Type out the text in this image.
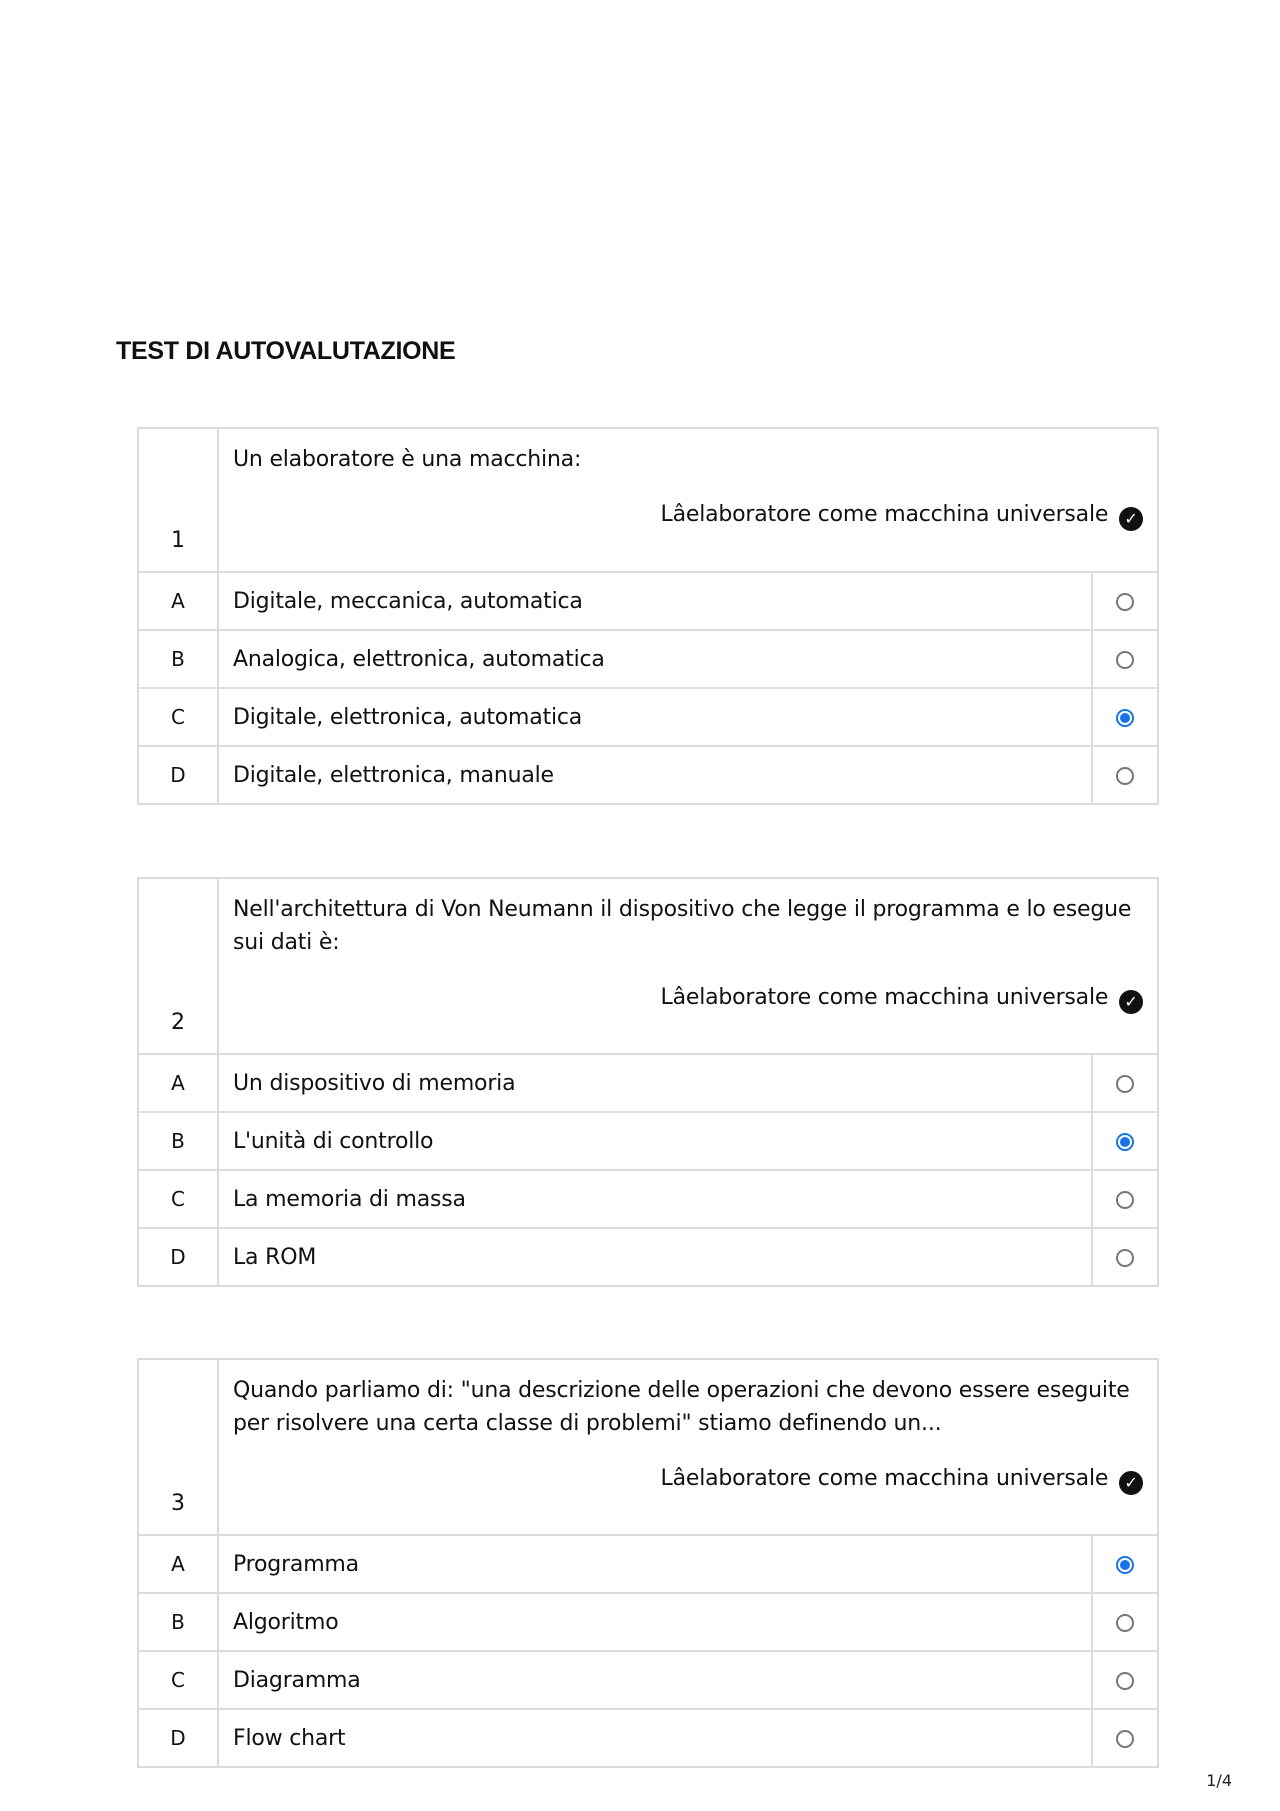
TEST DI AUTOVALUTAZIONE
1	Un elaboratore è una macchina:

Lâelaboratore come macchina universale ✓	

A	Digitale, meccanica, automatica	
B	Analogica, elettronica, automatica	
C	Digitale, elettronica, automatica	
D	Digitale, elettronica, manuale	
2	Nell'architettura di Von Neumann il dispositivo che legge il programma e lo esegue sui dati è:

Lâelaboratore come macchina universale ✓	

A	Un dispositivo di memoria	
B	L'unità di controllo	
C	La memoria di massa	
D	La ROM	
3	Quando parliamo di: "una descrizione delle operazioni che devono essere eseguite per risolvere una certa classe di problemi" stiamo definendo un...

Lâelaboratore come macchina universale ✓	

A	Programma	
B	Algoritmo	
C	Diagramma	
D	Flow chart	
1/4
